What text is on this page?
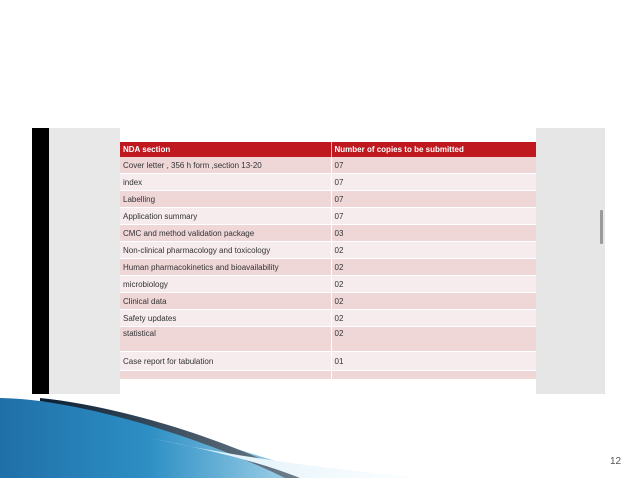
NDA section	Number of copies to be submitted
Cover letter , 356 h form ,section 13-20	07
index	07
Labelling	07
Application summary	07
CMC and method validation package	03
Non-clinical pharmacology and toxicology	02
Human pharmacokinetics and bioavailability	02
microbiology	02
Clinical data	02
Safety updates	02
statistical	02
Case report for tabulation	01

12
